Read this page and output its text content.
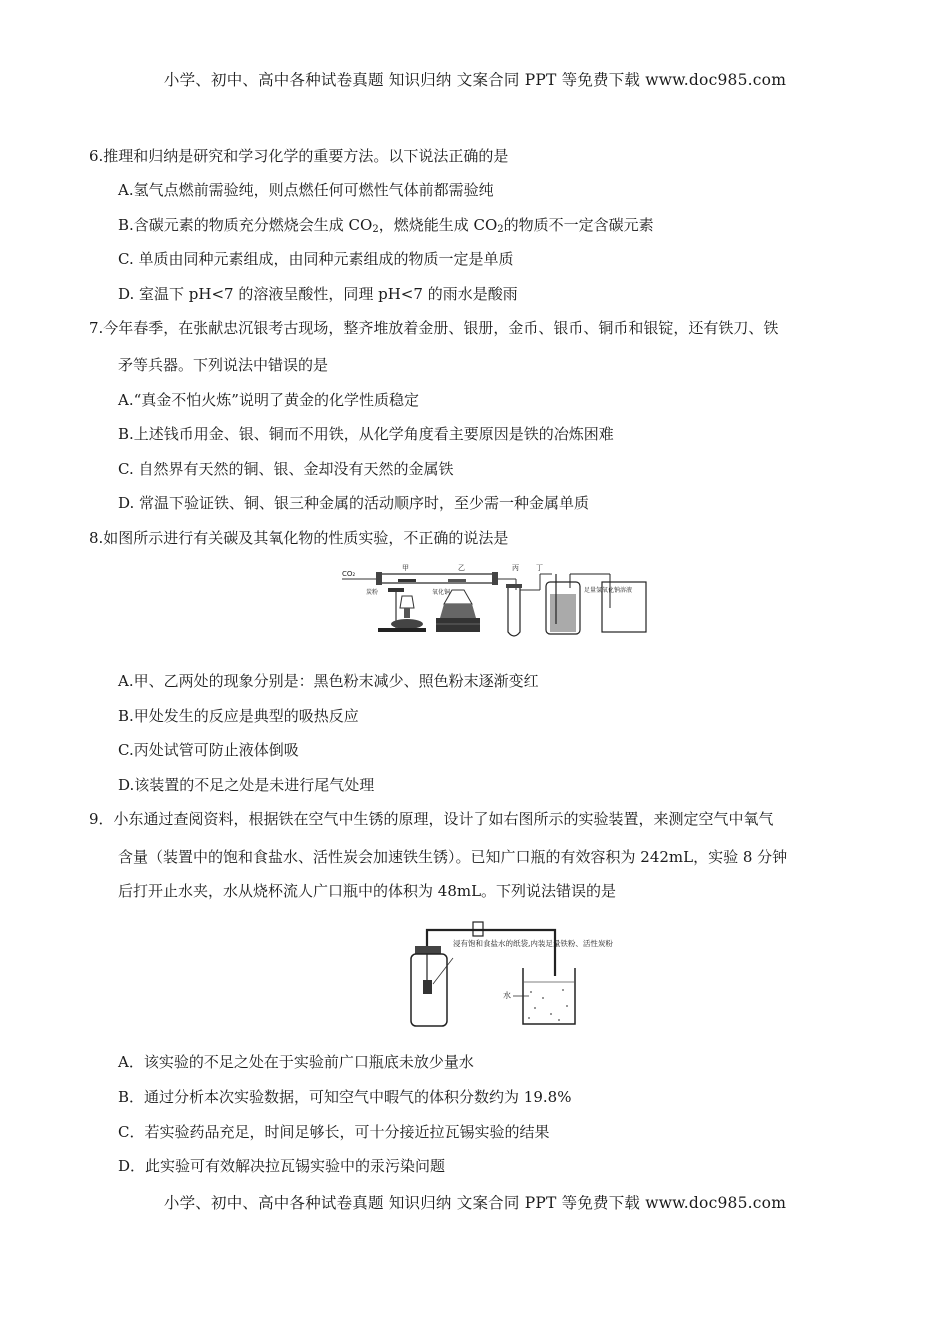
小学、初中、高中各种试卷真题 知识归纳 文案合同 PPT 等免费下载 www.doc985.com
6.推理和归纳是研究和学习化学的重要方法。以下说法正确的是
A.氢气点燃前需验纯，则点燃任何可燃性气体前都需验纯
B.含碳元素的物质充分燃烧会生成 $CO_2$，燃烧能生成 $CO_2$的物质不一定含碳元素
C. 单质由同种元素组成，由同种元素组成的物质一定是单质
D. 室温下 pH<7 的溶液呈酸性，同理 pH<7 的雨水是酸雨
7.今年春季，在张献忠沉银考古现场，整齐堆放着金册、银册，金币、银币、铜币和银锭，还有铁刀、铁
矛等兵器。下列说法中错误的是
A.“真金不怕火炼”说明了黄金的化学性质稳定
B.上述钱币用金、银、铜而不用铁，从化学角度看主要原因是铁的冶炼困难
C. 自然界有天然的铜、银、金却没有天然的金属铁
D. 常温下验证铁、铜、银三种金属的活动顺序时，至少需一种金属单质
8.如图所示进行有关碳及其氧化物的性质实验，不正确的说法是
CO₂
甲	乙
炭粉	氧化铜
丙 丁
足量氢氧化钠溶液
A.甲、乙两处的现象分别是：黑色粉末减少、照色粉末逐渐变红
B.甲处发生的反应是典型的吸热反应
C.丙处试管可防止液体倒吸
D.该装置的不足之处是未进行尾气处理
9．小东通过查阅资料，根据铁在空气中生锈的原理，设计了如右图所示的实验装置，来测定空气中氧气
含量（装置中的饱和食盐水、活性炭会加速铁生锈）。已知广口瓶的有效容积为 242mL，实验 8 分钟
后打开止水夹，水从烧杯流人广口瓶中的体积为 48mL。下列说法错误的是
浸有饱和食盐水的纸袋,内装足量铁粉、活性炭粉
水
A．该实验的不足之处在于实验前广口瓶底未放少量水
B．通过分析本次实验数据，可知空气中暇气的体积分数约为 19.8%
C．若实验药品充足，时间足够长，可十分接近拉瓦锡实验的结果
D．此实验可有效解决拉瓦锡实验中的汞污染问题
小学、初中、高中各种试卷真题 知识归纳 文案合同 PPT 等免费下载 www.doc985.com
